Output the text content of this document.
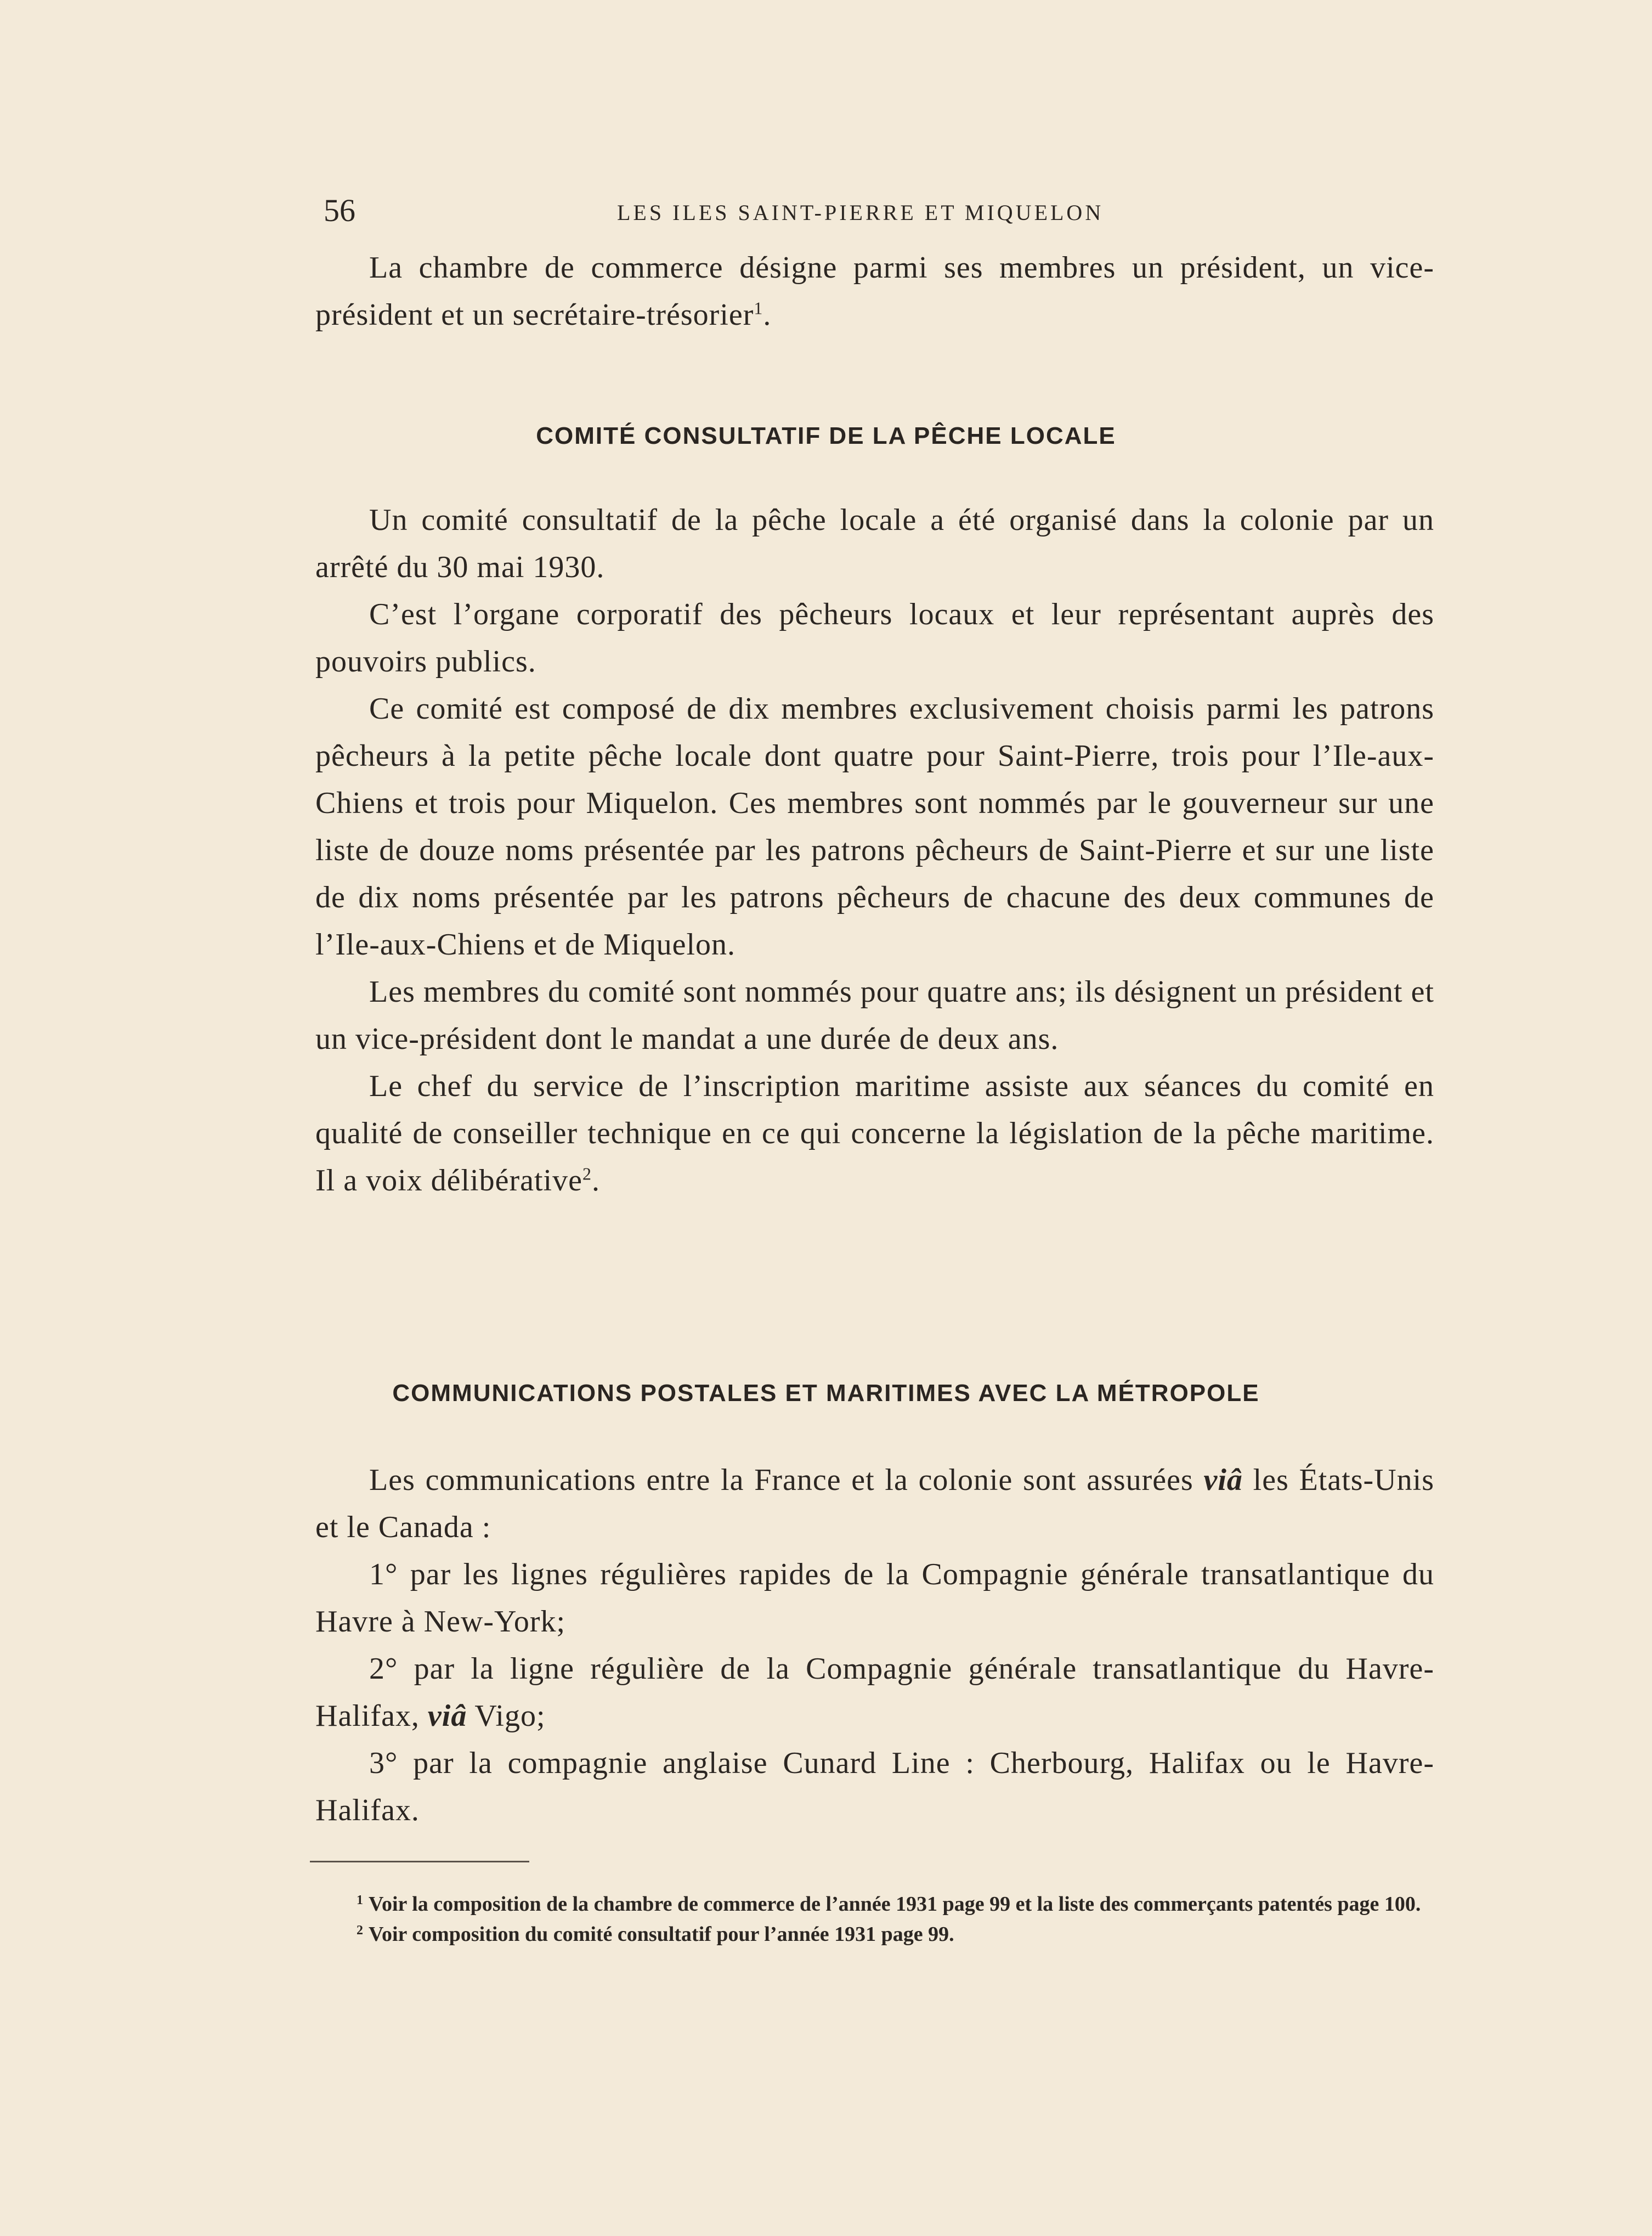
56	LES ILES SAINT-PIERRE ET MIQUELON

La chambre de commerce désigne parmi ses membres un président, un vice-président et un secrétaire-trésorier$^1$.

COMITÉ CONSULTATIF DE LA PÊCHE LOCALE

Un comité consultatif de la pêche locale a été organisé dans la colonie par un arrêté du 30 mai 1930.

C’est l’organe corporatif des pêcheurs locaux et leur représentant auprès des pouvoirs publics.

Ce comité est composé de dix membres exclusivement choisis parmi les patrons pêcheurs à la petite pêche locale dont quatre pour Saint-Pierre, trois pour l’Ile-aux-Chiens et trois pour Miquelon. Ces membres sont nommés par le gouverneur sur une liste de douze noms présentée par les patrons pêcheurs de Saint-Pierre et sur une liste de dix noms présentée par les patrons pêcheurs de chacune des deux communes de l’Ile-aux-Chiens et de Miquelon.

Les membres du comité sont nommés pour quatre ans; ils désignent un président et un vice-président dont le mandat a une durée de deux ans.

Le chef du service de l’inscription maritime assiste aux séances du comité en qualité de conseiller technique en ce qui concerne la législation de la pêche maritime. Il a voix délibérative$^2$.

COMMUNICATIONS POSTALES ET MARITIMES AVEC LA MÉTROPOLE

Les communications entre la France et la colonie sont assurées viâ les États-Unis et le Canada :

1° par les lignes régulières rapides de la Compagnie générale transatlantique du Havre à New-York;

2° par la ligne régulière de la Compagnie générale transatlantique du Havre-Halifax, viâ Vigo;

3° par la compagnie anglaise Cunard Line : Cherbourg, Halifax ou le Havre-Halifax.

$^1$ Voir la composition de la chambre de commerce de l’année 1931 page 99 et la liste des commerçants patentés page 100.

$^2$ Voir composition du comité consultatif pour l’année 1931 page 99.
